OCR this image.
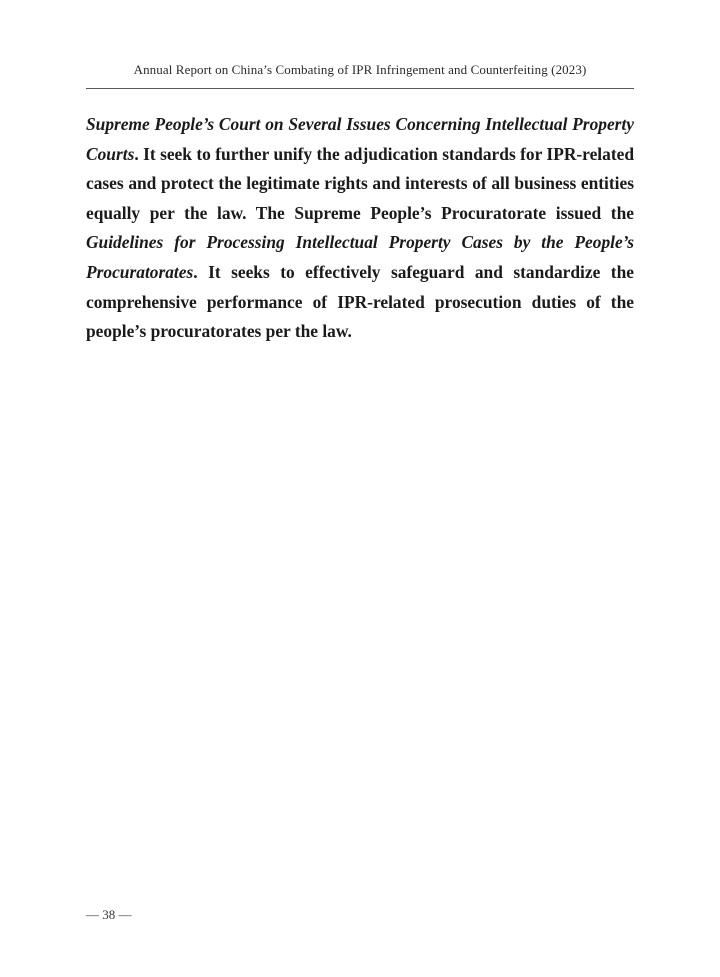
Annual Report on China’s Combating of IPR Infringement and Counterfeiting (2023)

Supreme People’s Court on Several Issues Concerning Intellectual Property Courts. It seek to further unify the adjudication standards for IPR-related cases and protect the legitimate rights and interests of all business entities equally per the law. The Supreme People’s Procuratorate issued the Guidelines for Processing Intellectual Property Cases by the People’s Procuratorates. It seeks to effectively safeguard and standardize the comprehensive performance of IPR-related prosecution duties of the people’s procuratorates per the law.

— 38 —
